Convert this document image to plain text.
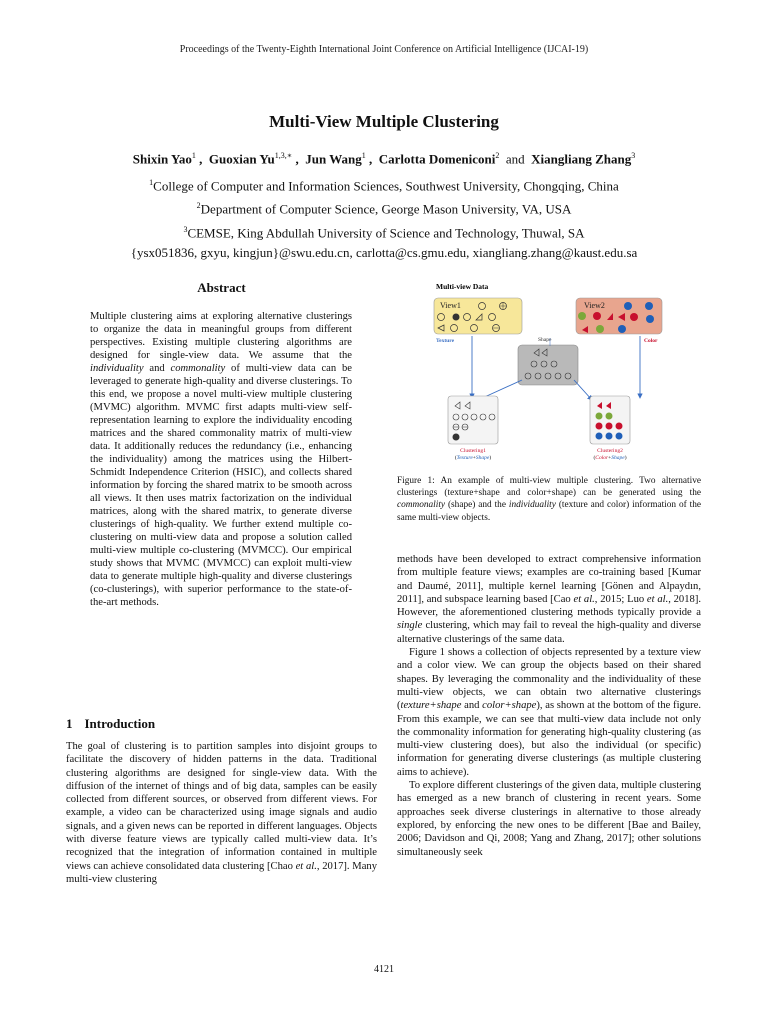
Proceedings of the Twenty-Eighth International Joint Conference on Artificial Intelligence (IJCAI-19)
Multi-View Multiple Clustering
Shixin Yao$^1$ ,  Guoxian $Yu^{1,3,∗}$ ,  Jun Wang$^1$ ,  Carlotta Domeniconi$^2$ and Xiangliang Zhang$^3$
$^1$College of Computer and Information Sciences, Southwest University, Chongqing, China
$^2$Department of Computer Science, George Mason University, VA, USA
$^3$CEMSE, King Abdullah University of Science and Technology, Thuwal, SA
{ysx051836, gxyu, kingjun}@swu.edu.cn, carlotta@cs.gmu.edu, xiangliang.zhang@kaust.edu.sa
Abstract

Multiple clustering aims at exploring alternative clusterings to organize the data in meaningful groups from different perspectives. Existing multiple clustering algorithms are designed for single-view data. We assume that the individuality and commonality of multi-view data can be leveraged to generate high-quality and diverse clusterings. To this end, we propose a novel multi-view multiple clustering (MVMC) algorithm. MVMC first adapts multi-view self-representation learning to explore the individuality encoding matrices and the shared commonality matrix of multi-view data. It additionally reduces the redundancy (i.e., enhancing the individuality) among the matrices using the Hilbert-Schmidt Independence Criterion (HSIC), and collects shared information by forcing the shared matrix to be smooth across all views. It then uses matrix factorization on the individual matrices, along with the shared matrix, to generate diverse clusterings of high-quality. We further extend multiple co-clustering on multi-view data and propose a solution called multi-view multiple co-clustering (MVMCC). Our empirical study shows that MVMC (MVMCC) can exploit multi-view data to generate multiple high-quality and diverse clusterings (co-clusterings), with superior performance to the state-of-the-art methods.

1 Introduction

The goal of clustering is to partition samples into disjoint groups to facilitate the discovery of hidden patterns in the data. Traditional clustering algorithms are designed for single-view data. With the diffusion of the internet of things and of big data, samples can be easily collected from different sources, or observed from different views. For example, a video can be characterized using image signals and audio signals, and a given news can be reported in different languages. Objects with diverse feature views are typically called multi-view data. It’s recognized that the integration of information contained in multiple views can achieve consolidated data clustering [Chao et al., 2017]. Many multi-view clustering

Multi-view Data
View1
Texture
View2
Color
Shape
Clustering1
(Texture+Shape)
Clustering2
(Color+Shape)

Figure 1: An example of multi-view multiple clustering. Two alternative clusterings (texture+shape and color+shape) can be generated using the commonality (shape) and the individuality (texture and color) information of the same multi-view objects.

methods have been developed to extract comprehensive information from multiple feature views; examples are co-training based [Kumar and Daumé, 2011], multiple kernel learning [Gönen and Alpaydın, 2011], and subspace learning based [Cao et al., 2015; Luo et al., 2018]. However, the aforementioned clustering methods typically provide a single clustering, which may fail to reveal the high-quality and diverse alternative clusterings of the same data.

Figure 1 shows a collection of objects represented by a texture view and a color view. We can group the objects based on their shared shapes. By leveraging the commonality and the individuality of these multi-view objects, we can obtain two alternative clusterings (texture+shape and color+shape), as shown at the bottom of the figure. From this example, we can see that multi-view data include not only the commonality information for generating high-quality clustering (as multi-view clustering does), but also the individual (or specific) information for generating diverse clusterings (as multiple clustering aims to achieve).

To explore different clusterings of the given data, multiple clustering has emerged as a new branch of clustering in recent years. Some approaches seek diverse clusterings in alternative to those already explored, by enforcing the new ones to be different [Bae and Bailey, 2006; Davidson and Qi, 2008; Yang and Zhang, 2017]; other solutions simultaneously seek

4121
